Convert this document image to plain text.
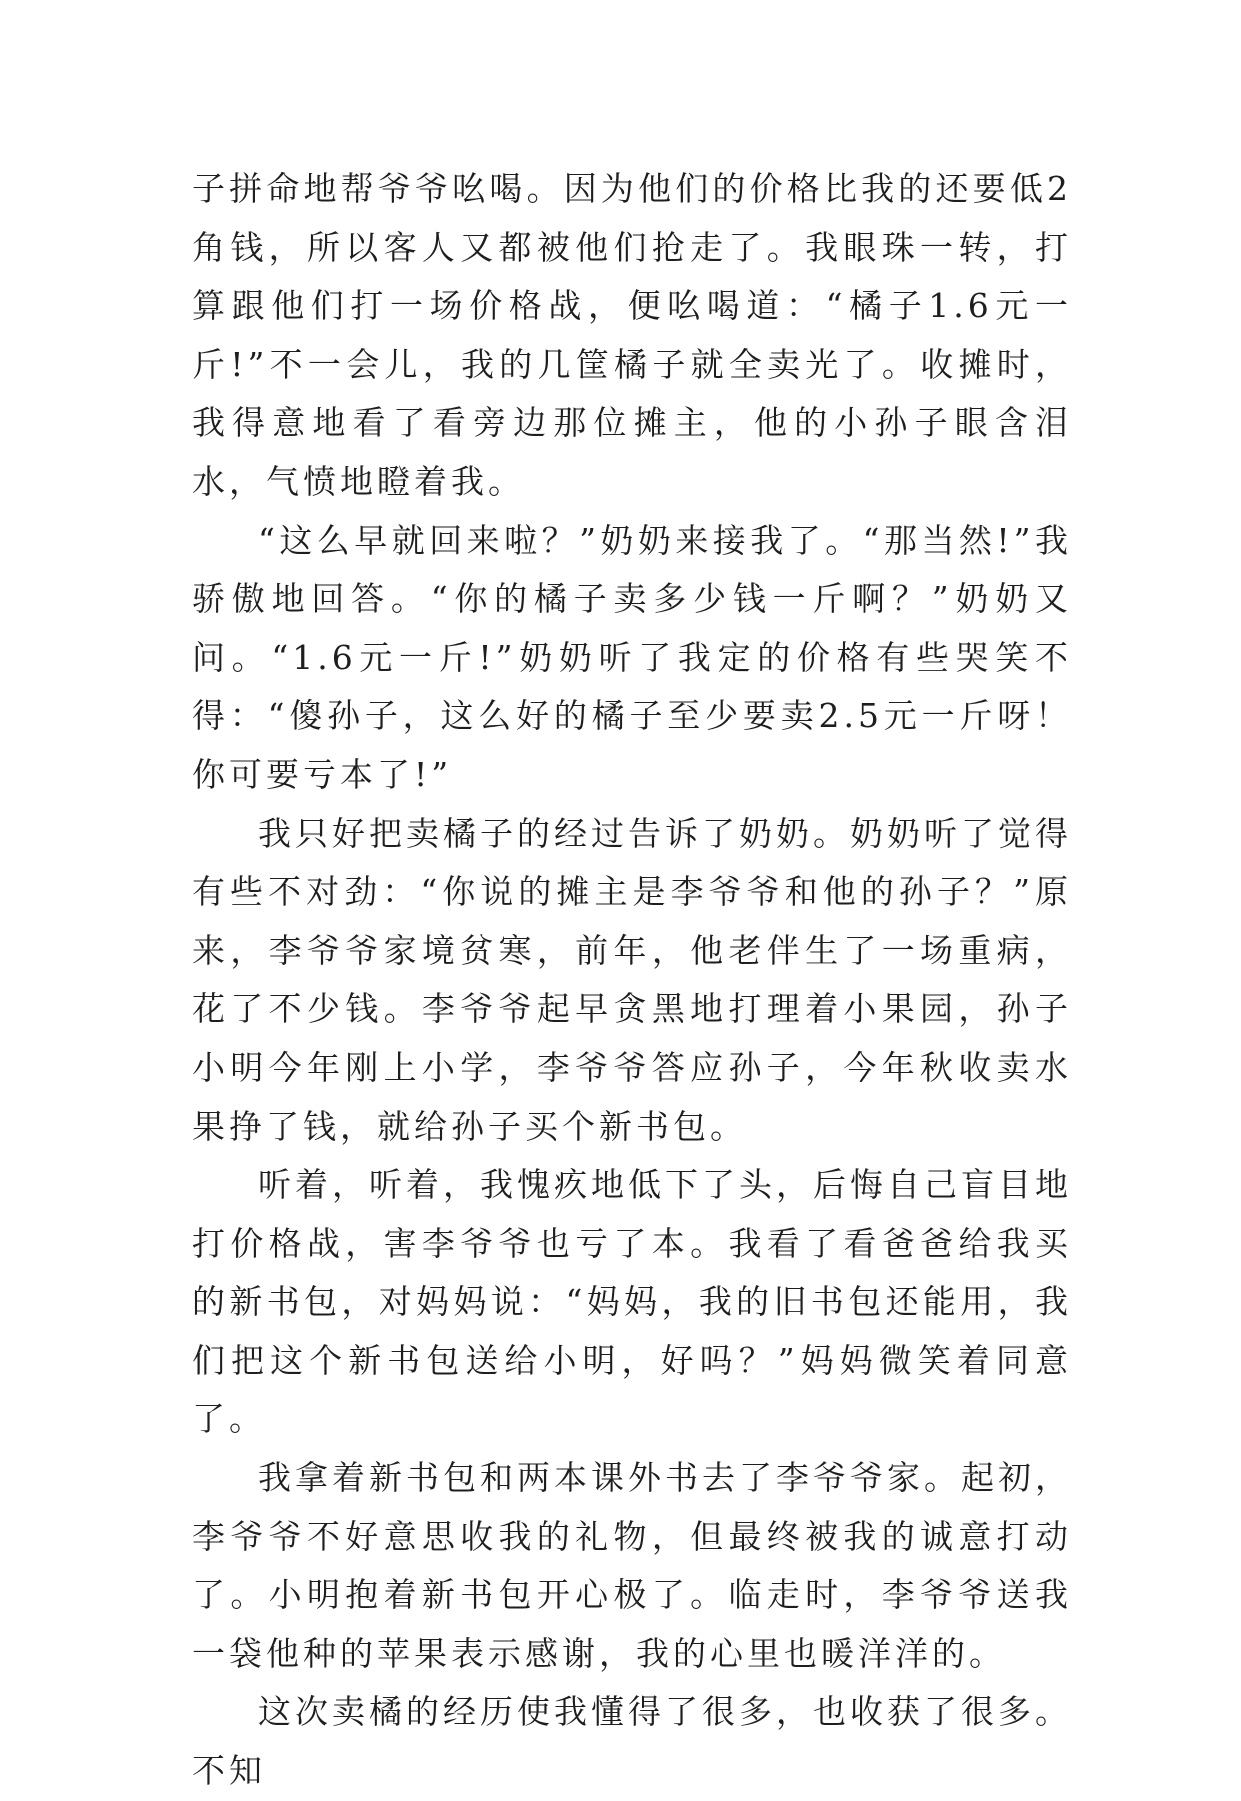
子拼命地帮爷爷吆喝。因为他们的价格比我的还要低2角钱，所以客人又都被他们抢走了。我眼珠一转，打算跟他们打一场价格战，便吆喝道：“橘子1.6元一斤!”不一会儿，我的几筐橘子就全卖光了。收摊时，我得意地看了看旁边那位摊主，他的小孙子眼含泪水，气愤地瞪着我。

“这么早就回来啦？”奶奶来接我了。“那当然!”我骄傲地回答。“你的橘子卖多少钱一斤啊？”奶奶又问。“1.6元一斤!”奶奶听了我定的价格有些哭笑不得：“傻孙子，这么好的橘子至少要卖2.5元一斤呀！你可要亏本了!”

我只好把卖橘子的经过告诉了奶奶。奶奶听了觉得有些不对劲：“你说的摊主是李爷爷和他的孙子？”原来，李爷爷家境贫寒，前年，他老伴生了一场重病，花了不少钱。李爷爷起早贪黑地打理着小果园，孙子小明今年刚上小学，李爷爷答应孙子，今年秋收卖水果挣了钱，就给孙子买个新书包。

听着，听着，我愧疚地低下了头，后悔自己盲目地打价格战，害李爷爷也亏了本。我看了看爸爸给我买的新书包，对妈妈说：“妈妈，我的旧书包还能用，我们把这个新书包送给小明，好吗？”妈妈微笑着同意了。

我拿着新书包和两本课外书去了李爷爷家。起初，李爷爷不好意思收我的礼物，但最终被我的诚意打动了。小明抱着新书包开心极了。临走时，李爷爷送我一袋他种的苹果表示感谢，我的心里也暖洋洋的。

这次卖橘的经历使我懂得了很多，也收获了很多。不知
